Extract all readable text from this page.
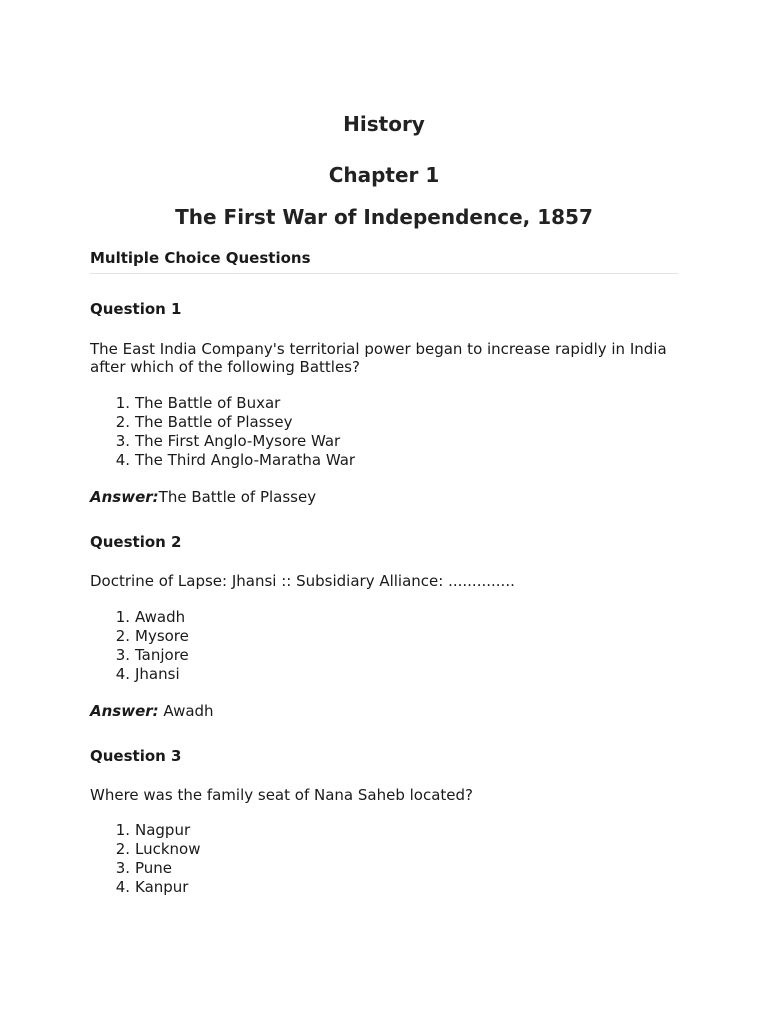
History
Chapter 1
The First War of Independence, 1857
Multiple Choice Questions
Question 1

The East India Company's territorial power began to increase rapidly in India after which of the following Battles?

1. The Battle of Buxar
2. The Battle of Plassey
3. The First Anglo-Mysore War
4. The Third Anglo-Maratha War

Answer:The Battle of Plassey

Question 2

Doctrine of Lapse: Jhansi :: Subsidiary Alliance: ..............

1. Awadh
2. Mysore
3. Tanjore
4. Jhansi

Answer: Awadh

Question 3

Where was the family seat of Nana Saheb located?

1. Nagpur
2. Lucknow
3. Pune
4. Kanpur
